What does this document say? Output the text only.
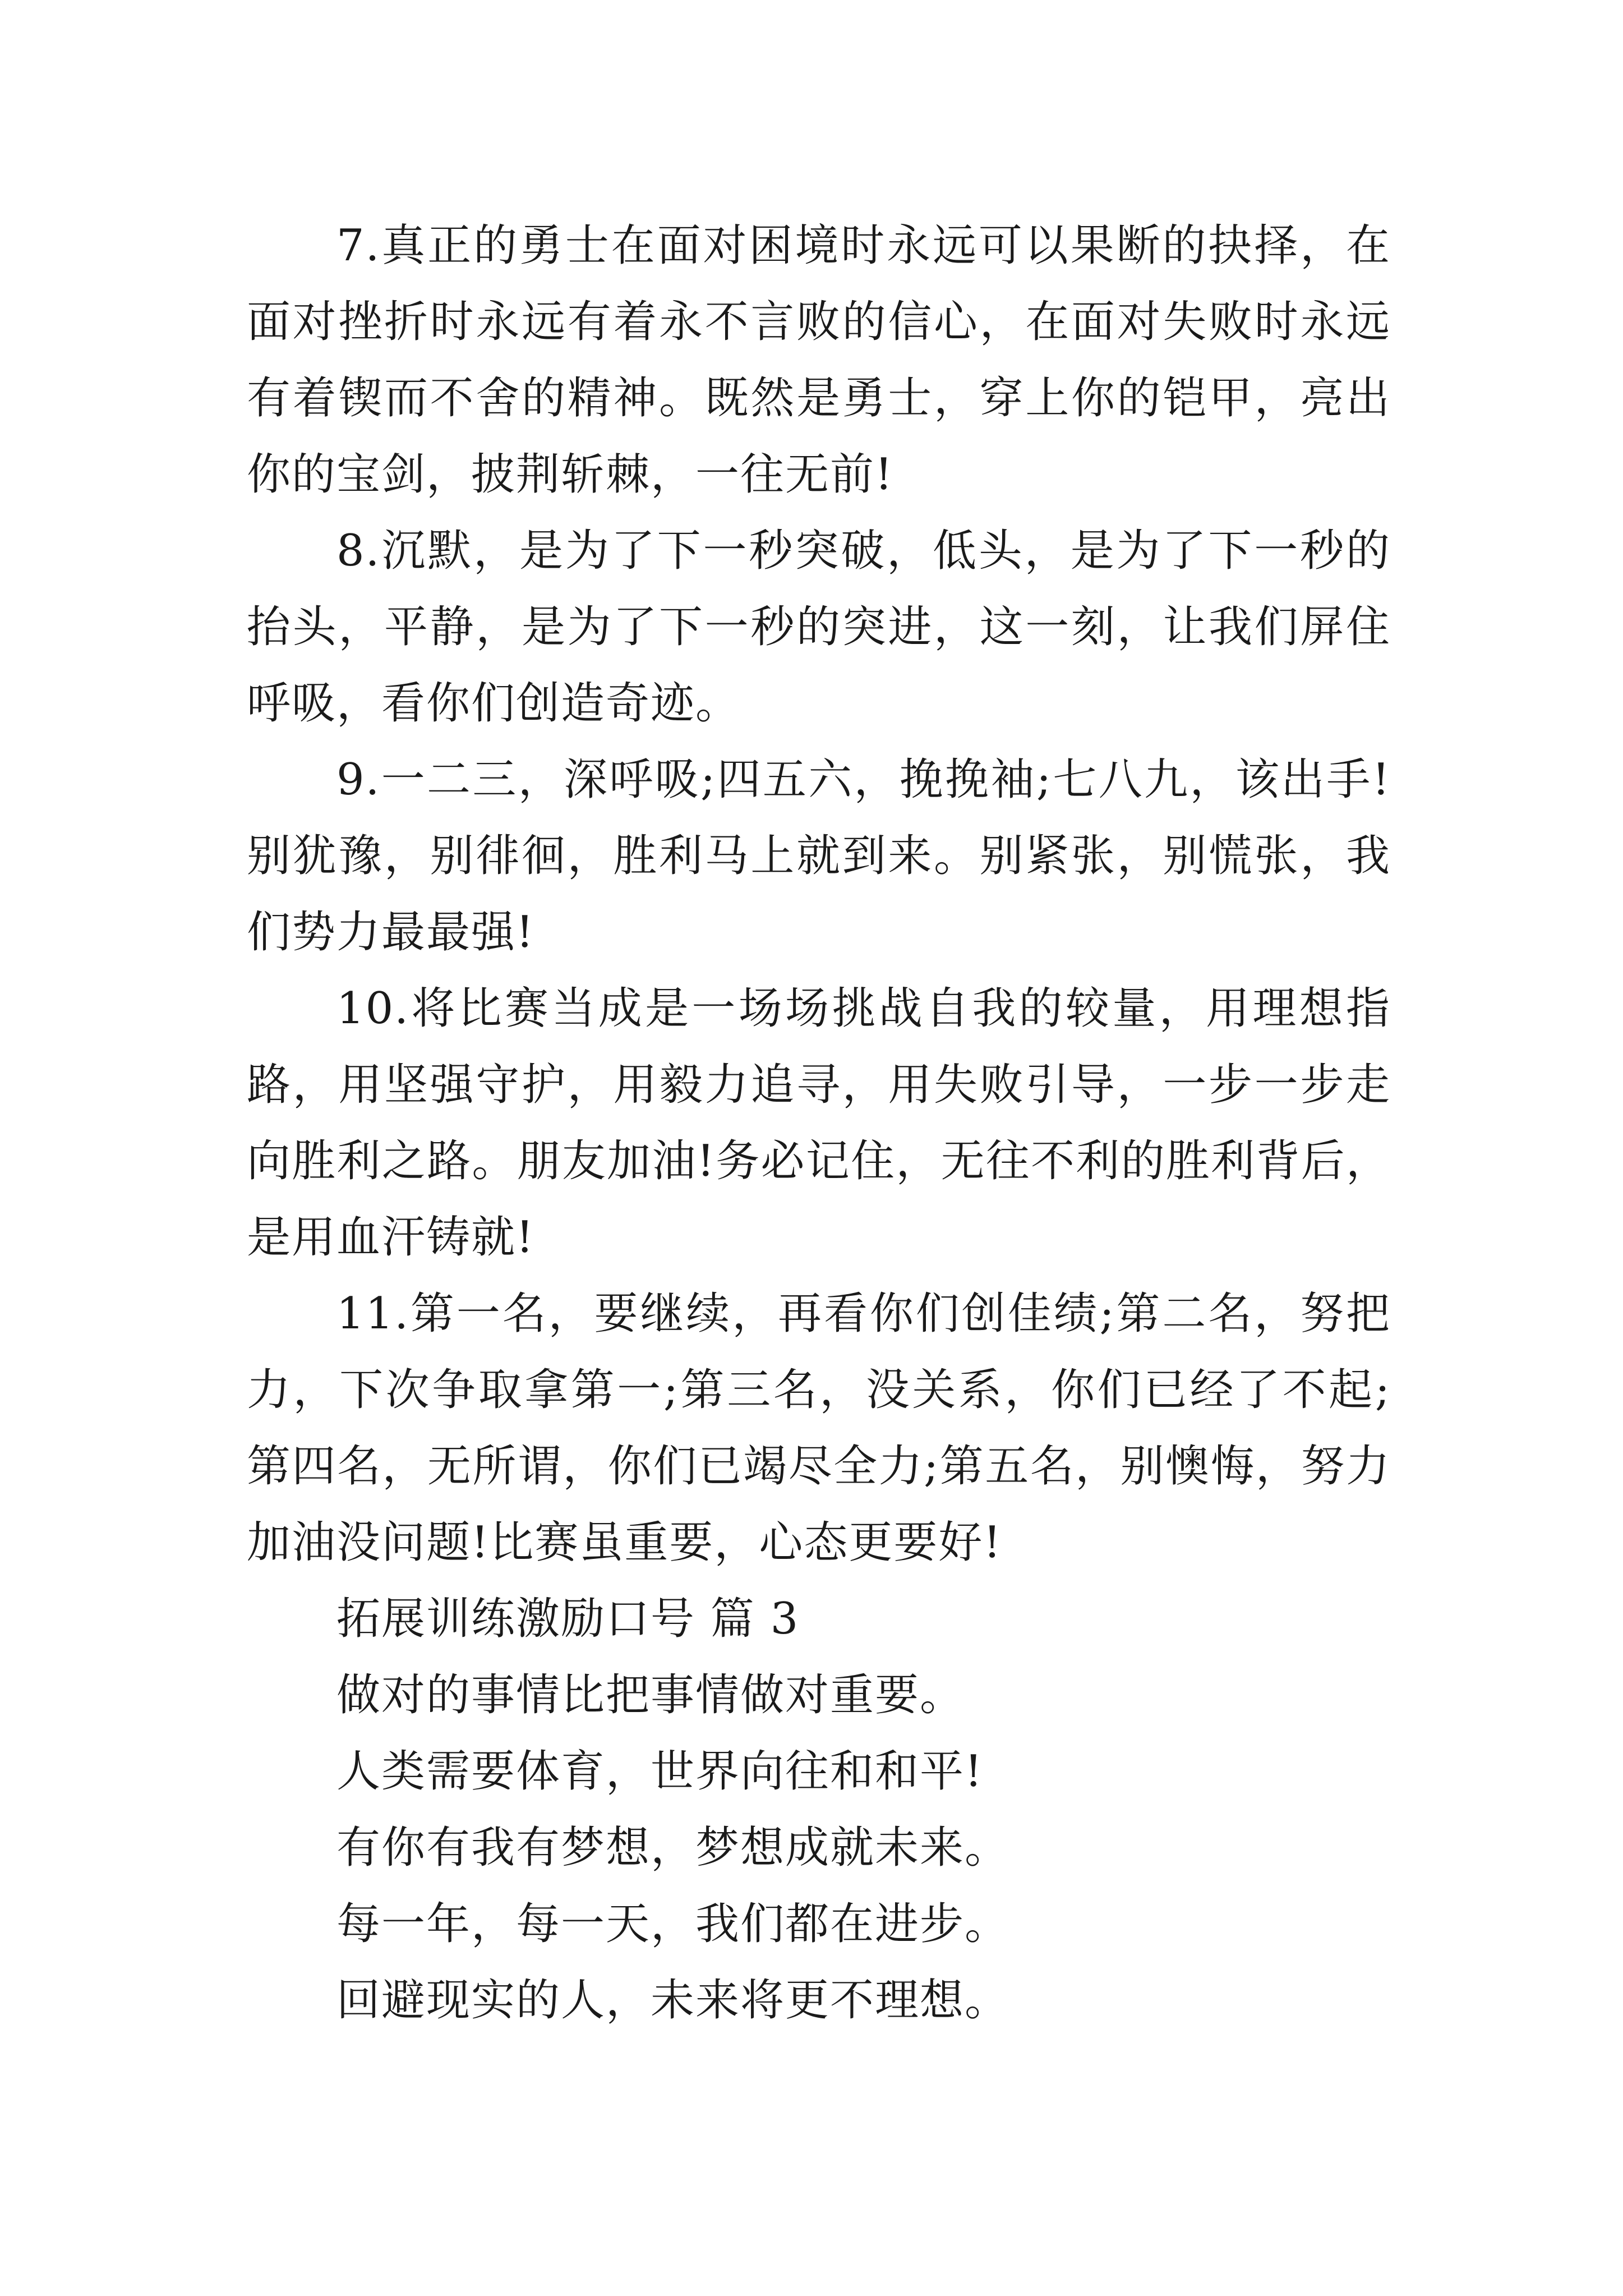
7.真正的勇士在面对困境时永远可以果断的抉择，在面对挫折时永远有着永不言败的信心，在面对失败时永远有着锲而不舍的精神。既然是勇士，穿上你的铠甲，亮出你的宝剑，披荆斩棘，一往无前!

8.沉默，是为了下一秒突破，低头，是为了下一秒的抬头，平静，是为了下一秒的突进，这一刻，让我们屏住呼吸，看你们创造奇迹。

9.一二三，深呼吸;四五六，挽挽袖;七八九，该出手!别犹豫，别徘徊，胜利马上就到来。别紧张，别慌张，我们势力最最强!

10.将比赛当成是一场场挑战自我的较量，用理想指路，用坚强守护，用毅力追寻，用失败引导，一步一步走向胜利之路。朋友加油!务必记住，无往不利的胜利背后，是用血汗铸就!

11.第一名，要继续，再看你们创佳绩;第二名，努把力，下次争取拿第一;第三名，没关系，你们已经了不起;第四名，无所谓，你们已竭尽全力;第五名，别懊悔，努力加油没问题!比赛虽重要，心态更要好!

拓展训练激励口号 篇 3

做对的事情比把事情做对重要。

人类需要体育，世界向往和和平!

有你有我有梦想，梦想成就未来。

每一年，每一天，我们都在进步。

回避现实的人，未来将更不理想。
